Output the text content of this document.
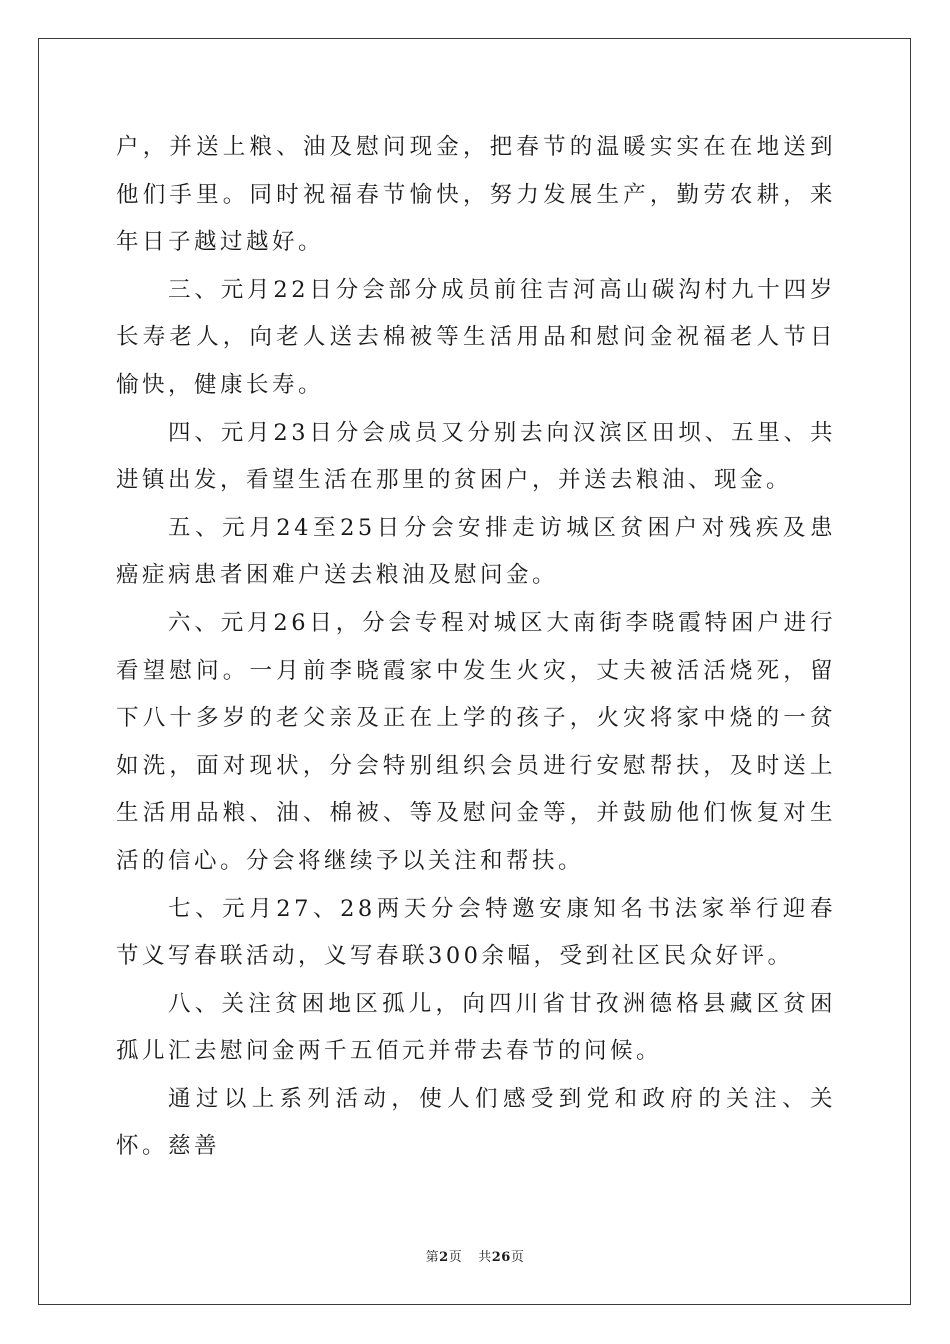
户，并送上粮、油及慰问现金，把春节的温暖实实在在地送到他们手里。同时祝福春节愉快，努力发展生产，勤劳农耕，来年日子越过越好。

三、元月22日分会部分成员前往吉河高山碳沟村九十四岁长寿老人，向老人送去棉被等生活用品和慰问金祝福老人节日愉快，健康长寿。

四、元月23日分会成员又分别去向汉滨区田坝、五里、共进镇出发，看望生活在那里的贫困户，并送去粮油、现金。

五、元月24至25日分会安排走访城区贫困户对残疾及患癌症病患者困难户送去粮油及慰问金。

六、元月26日，分会专程对城区大南街李晓霞特困户进行看望慰问。一月前李晓霞家中发生火灾，丈夫被活活烧死，留下八十多岁的老父亲及正在上学的孩子，火灾将家中烧的一贫如洗，面对现状，分会特别组织会员进行安慰帮扶，及时送上生活用品粮、油、棉被、等及慰问金等，并鼓励他们恢复对生活的信心。分会将继续予以关注和帮扶。

七、元月27、28两天分会特邀安康知名书法家举行迎春节义写春联活动，义写春联300余幅，受到社区民众好评。

八、关注贫困地区孤儿，向四川省甘孜洲德格县藏区贫困孤儿汇去慰问金两千五佰元并带去春节的问候。

通过以上系列活动，使人们感受到党和政府的关注、关怀。慈善

第2页 共26页
